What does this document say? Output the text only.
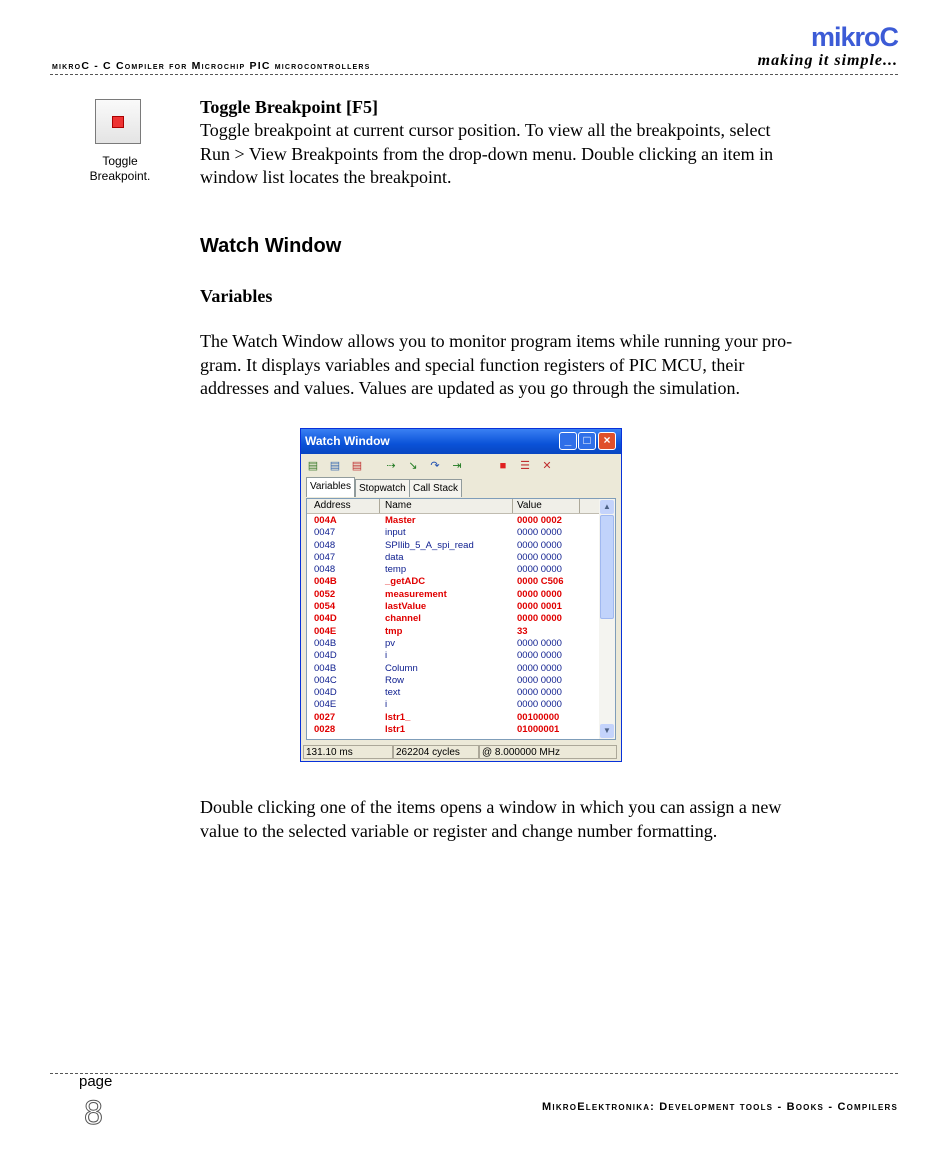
mikroC
making it simple...
mikroC - C Compiler for Microchip PIC microcontrollers
Toggle
Breakpoint.
Toggle Breakpoint [F5]
Toggle breakpoint at current cursor position. To view all the breakpoints, select
Run > View Breakpoints from the drop-down menu. Double clicking an item in
window list locates the breakpoint.
Watch Window
Variables
The Watch Window allows you to monitor program items while running your pro-
gram. It displays variables and special function registers of PIC MCU, their
addresses and values. Values are updated as you go through the simulation.
Watch Window	_	□	×
▤ ▤ ▤	⇢	↘	↷	⇥	■	☰	✕
Variables Stopwatch Call Stack
Address	Name	Value
004A	Master	0000 0002
0047	input	0000 0000
0048	SPIlib_5_A_spi_read	0000 0000
0047	data	0000 0000
0048	temp	0000 0000
004B	_getADC	0000 C506
0052	measurement	0000 0000
0054	lastValue	0000 0001
004D	channel	0000 0000
004E	tmp	33
004B	pv	0000 0000
004D	i	0000 0000
004B	Column	0000 0000
004C	Row	0000 0000
004D	text	0000 0000
004E	i	0000 0000
0027	lstr1_	00100000
0028	lstr1	01000001
▲
▼
131.10 ms	262204 cycles	@ 8.000000 MHz
Double clicking one of the items opens a window in which you can assign a new
value to the selected variable or register and change number formatting.
page
8	MikroElektronika: Development tools - Books - Compilers
